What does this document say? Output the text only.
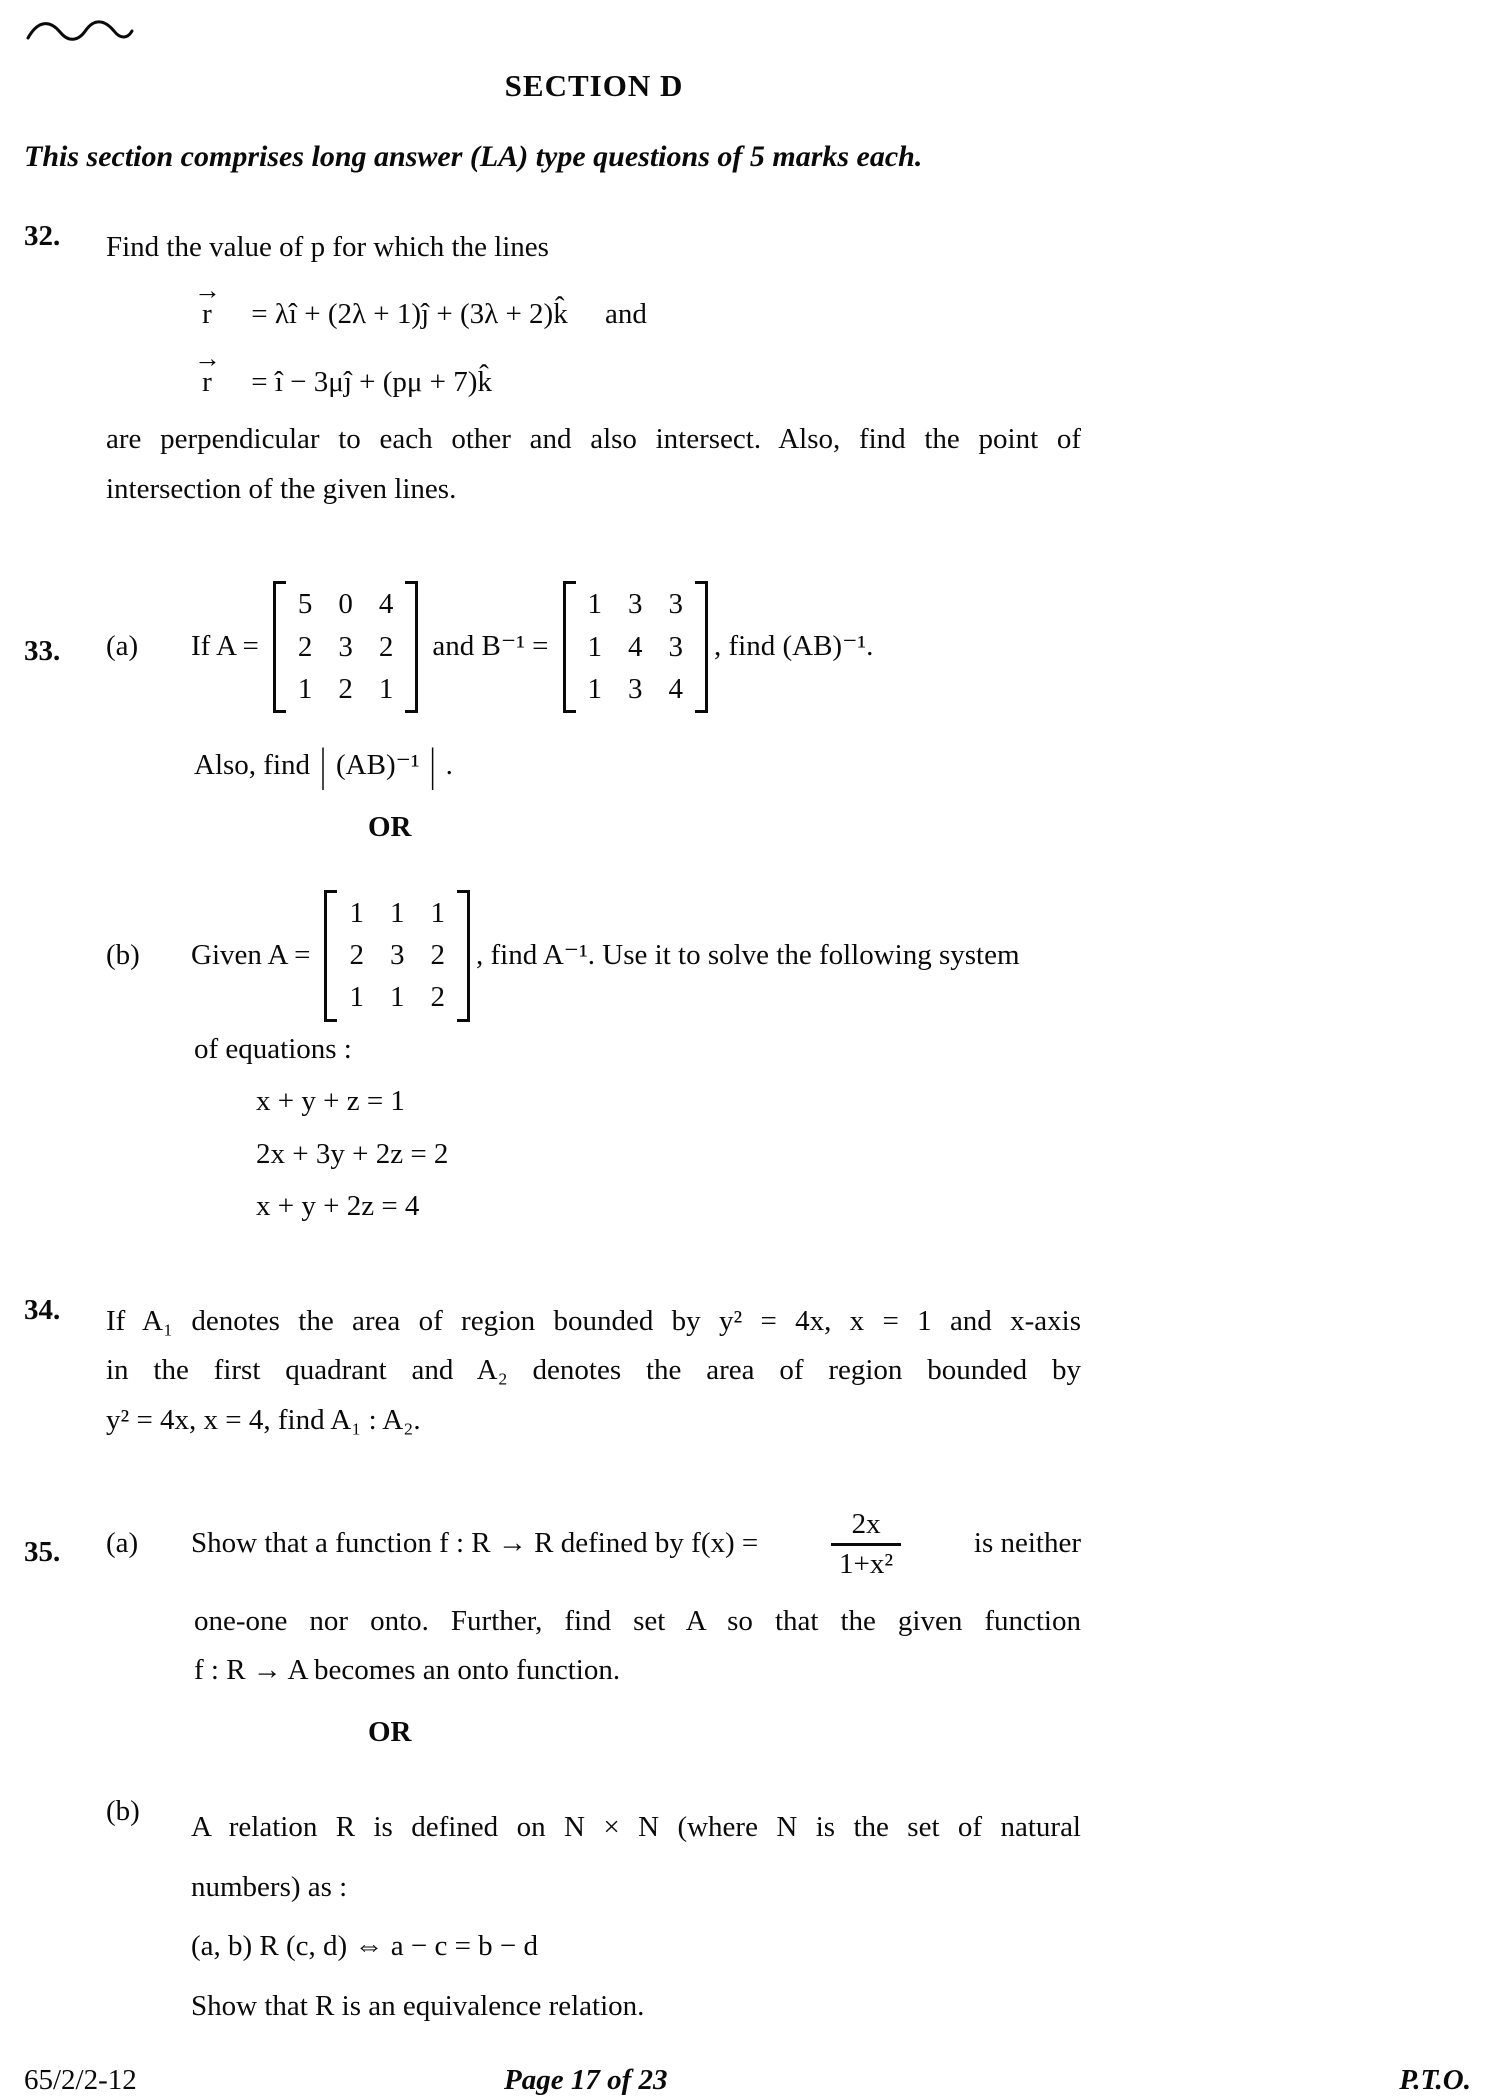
SECTION D
This section comprises long answer (LA) type questions of 5 marks each.
32.	Find the value of p for which the lines
→
r = λî + (2λ + 1)ĵ + (3λ + 2)k̂ and
→
r = î − 3μĵ + (pμ + 7)k̂
are perpendicular to each other and also intersect. Also, find the point of
intersection of the given lines.
33.	(a)	If A =
5 0 4
2 3 2
1 2 1
and B⁻¹ =
1 3 3
1 4 3
1 3 4
, find (AB)⁻¹.
Also, find | (AB)⁻¹ | .
OR
(b)	Given A =
1 1 1
2 3 2
1 1 2
, find A⁻¹. Use it to solve the following system
of equations :
x + y + z = 1
2x + 3y + 2z = 2
x + y + 2z = 4
34.	If A₁ denotes the area of region bounded by y² = 4x, x = 1 and x-axis
in the first quadrant and A₂ denotes the area of region bounded by
y² = 4x, x = 4, find A₁ : A₂.
35.	(a)	Show that a function f : R → R defined by f(x) =	$\frac{2x}{\text{1+x²}}$	is neither
one-one nor onto. Further, find set A so that the given function
f : R → A becomes an onto function.
OR
(b)	A relation R is defined on N × N (where N is the set of natural
numbers) as :
(a, b) R (c, d) ⇔ a − c = b − d
Show that R is an equivalence relation.
65/2/2-12	Page 17 of 23	P.T.O.
